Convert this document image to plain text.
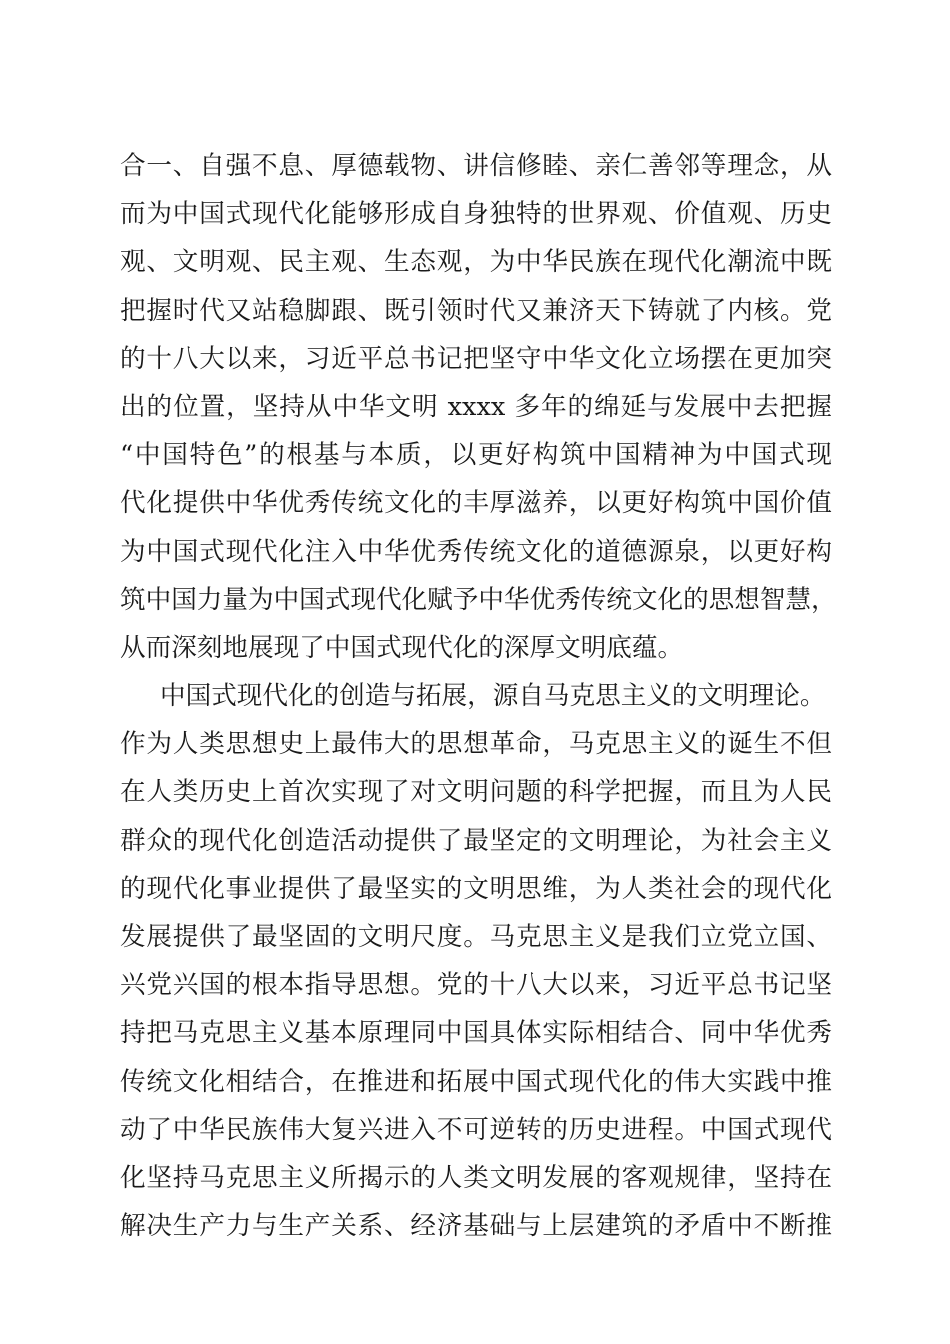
合一、自强不息、厚德载物、讲信修睦、亲仁善邻等理念，从
而为中国式现代化能够形成自身独特的世界观、价值观、历史
观、文明观、民主观、生态观，为中华民族在现代化潮流中既
把握时代又站稳脚跟、既引领时代又兼济天下铸就了内核。党
的十八大以来，习近平总书记把坚守中华文化立场摆在更加突
出的位置，坚持从中华文明 xxxx 多年的绵延与发展中去把握
“中国特色”的根基与本质，以更好构筑中国精神为中国式现
代化提供中华优秀传统文化的丰厚滋养，以更好构筑中国价值
为中国式现代化注入中华优秀传统文化的道德源泉，以更好构
筑中国力量为中国式现代化赋予中华优秀传统文化的思想智慧，
从而深刻地展现了中国式现代化的深厚文明底蕴。
中国式现代化的创造与拓展，源自马克思主义的文明理论。
作为人类思想史上最伟大的思想革命，马克思主义的诞生不但
在人类历史上首次实现了对文明问题的科学把握，而且为人民
群众的现代化创造活动提供了最坚定的文明理论，为社会主义
的现代化事业提供了最坚实的文明思维，为人类社会的现代化
发展提供了最坚固的文明尺度。马克思主义是我们立党立国、
兴党兴国的根本指导思想。党的十八大以来，习近平总书记坚
持把马克思主义基本原理同中国具体实际相结合、同中华优秀
传统文化相结合，在推进和拓展中国式现代化的伟大实践中推
动了中华民族伟大复兴进入不可逆转的历史进程。中国式现代
化坚持马克思主义所揭示的人类文明发展的客观规律，坚持在
解决生产力与生产关系、经济基础与上层建筑的矛盾中不断推
